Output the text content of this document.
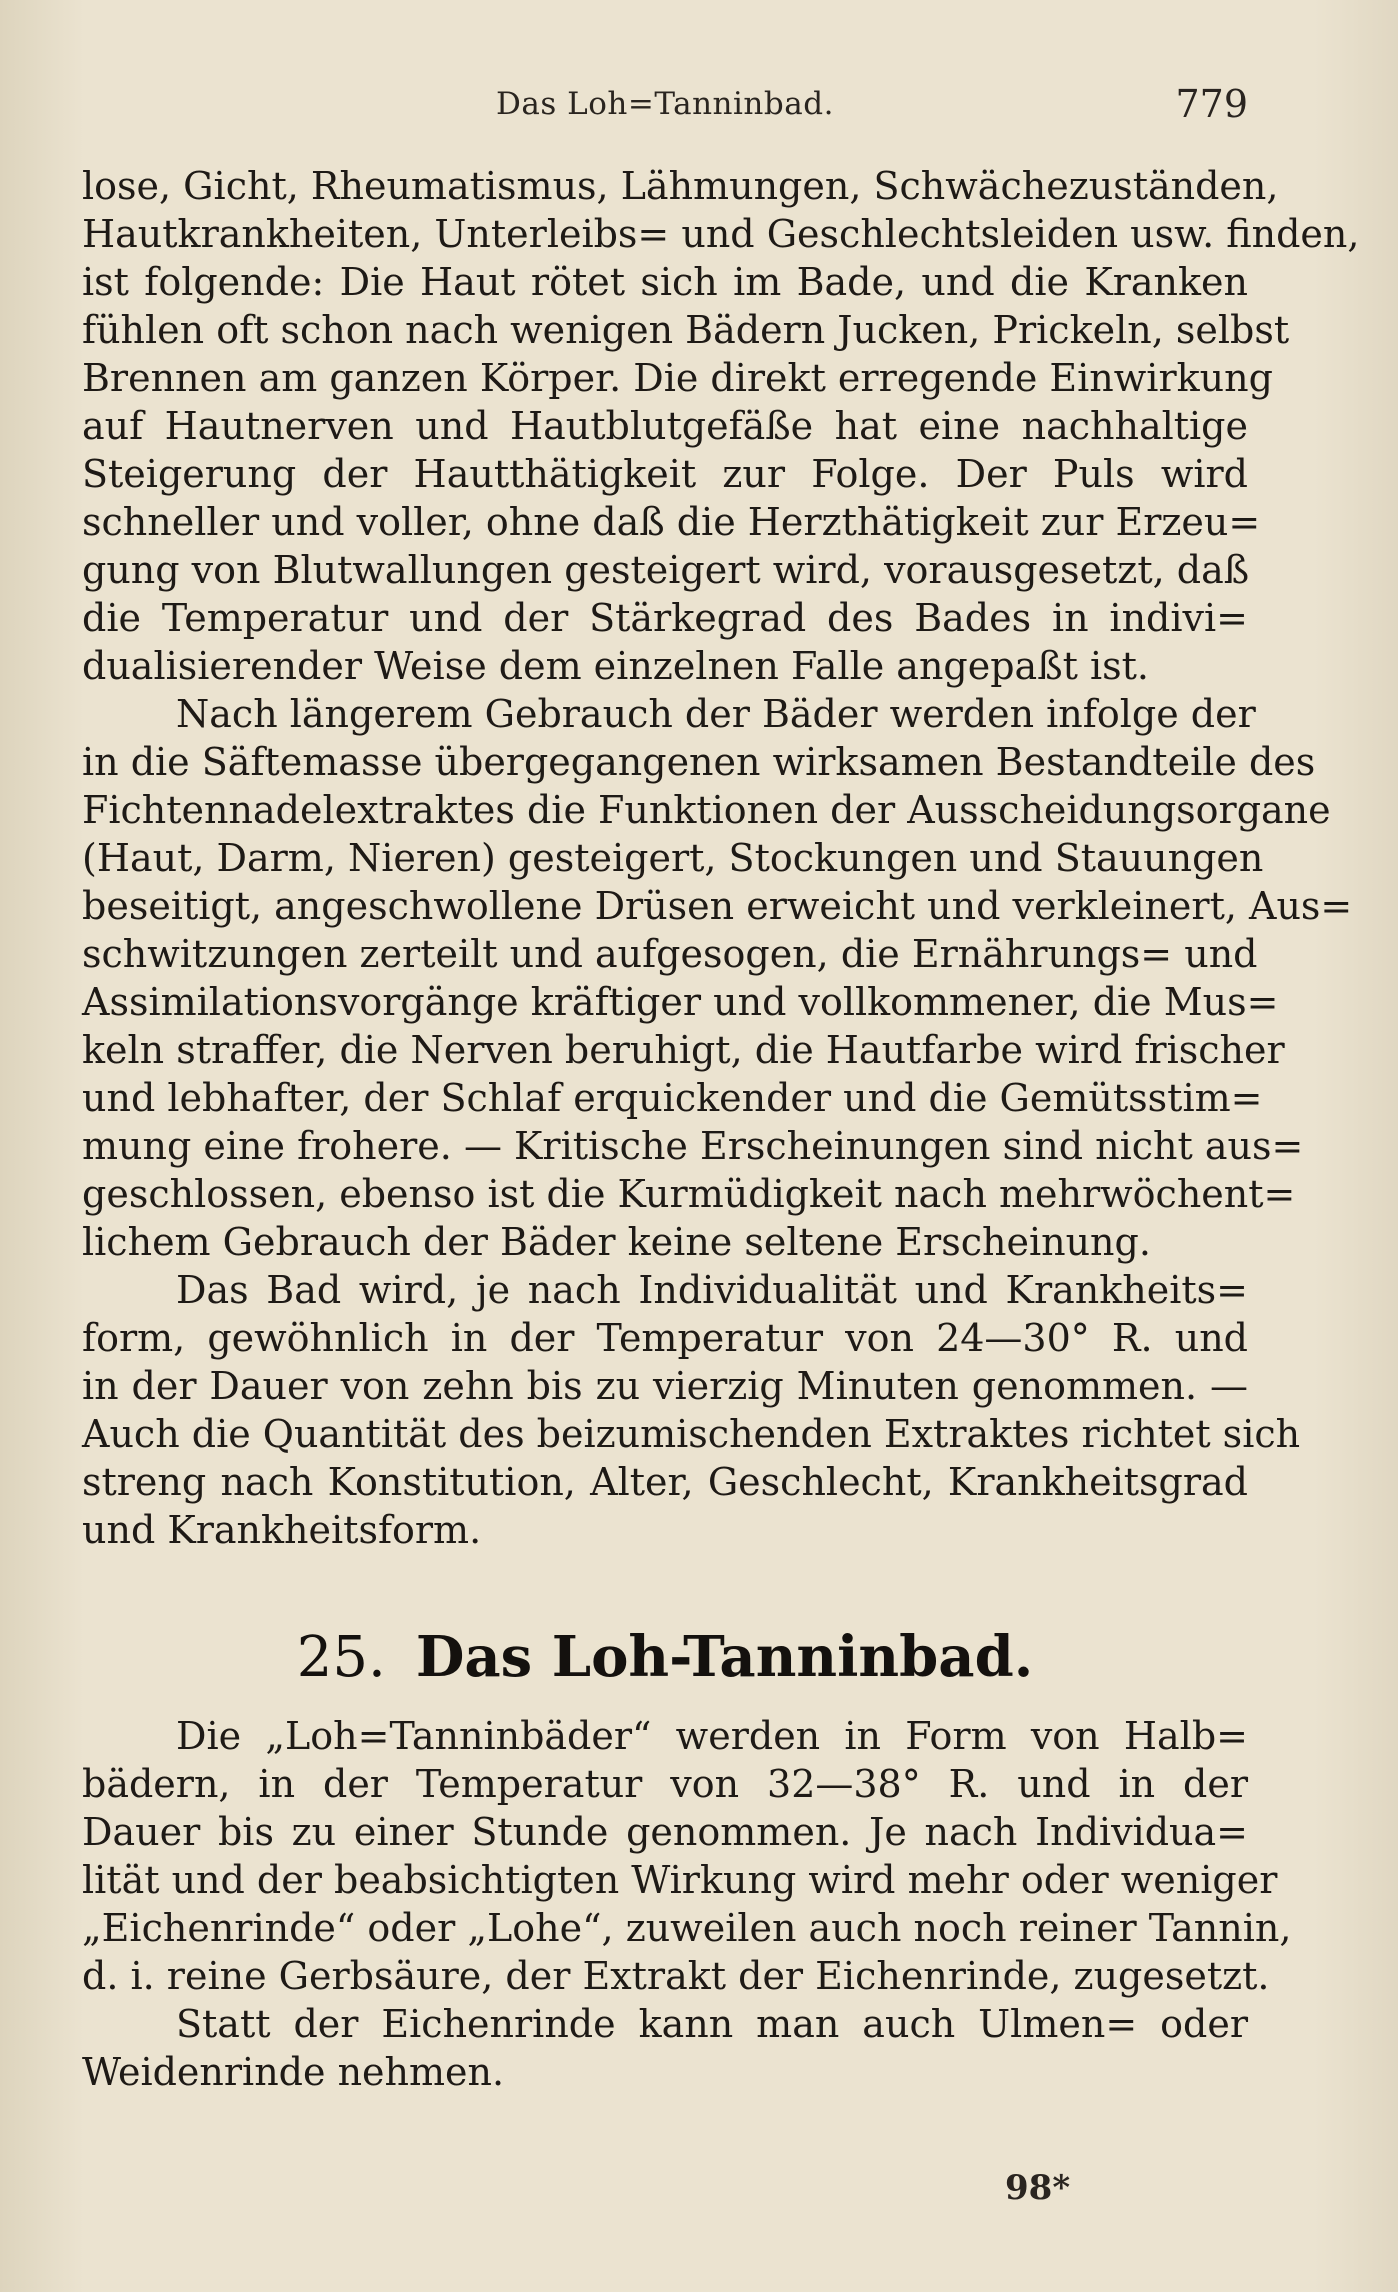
Das Loh=Tanninbad.	779
lose, Gicht, Rheumatismus, Lähmungen, Schwächezuständen,
Hautkrankheiten, Unterleibs= und Geschlechtsleiden usw. finden,
ist folgende: Die Haut rötet sich im Bade, und die Kranken
fühlen oft schon nach wenigen Bädern Jucken, Prickeln, selbst
Brennen am ganzen Körper. Die direkt erregende Einwirkung
auf Hautnerven und Hautblutgefäße hat eine nachhaltige
Steigerung der Hautthätigkeit zur Folge. Der Puls wird
schneller und voller, ohne daß die Herzthätigkeit zur Erzeu=
gung von Blutwallungen gesteigert wird, vorausgesetzt, daß
die Temperatur und der Stärkegrad des Bades in indivi=
dualisierender Weise dem einzelnen Falle angepaßt ist.
Nach längerem Gebrauch der Bäder werden infolge der
in die Säftemasse übergegangenen wirksamen Bestandteile des
Fichtennadelextraktes die Funktionen der Ausscheidungsorgane
(Haut, Darm, Nieren) gesteigert, Stockungen und Stauungen
beseitigt, angeschwollene Drüsen erweicht und verkleinert, Aus=
schwitzungen zerteilt und aufgesogen, die Ernährungs= und
Assimilationsvorgänge kräftiger und vollkommener, die Mus=
keln straffer, die Nerven beruhigt, die Hautfarbe wird frischer
und lebhafter, der Schlaf erquickender und die Gemütsstim=
mung eine frohere. — Kritische Erscheinungen sind nicht aus=
geschlossen, ebenso ist die Kurmüdigkeit nach mehrwöchent=
lichem Gebrauch der Bäder keine seltene Erscheinung.
Das Bad wird, je nach Individualität und Krankheits=
form, gewöhnlich in der Temperatur von 24—30° R. und
in der Dauer von zehn bis zu vierzig Minuten genommen. —
Auch die Quantität des beizumischenden Extraktes richtet sich
streng nach Konstitution, Alter, Geschlecht, Krankheitsgrad
und Krankheitsform.
25. Das Loh-Tanninbad.
Die „Loh=Tanninbäder“ werden in Form von Halb=
bädern, in der Temperatur von 32—38° R. und in der
Dauer bis zu einer Stunde genommen. Je nach Individua=
lität und der beabsichtigten Wirkung wird mehr oder weniger
„Eichenrinde“ oder „Lohe“, zuweilen auch noch reiner Tannin,
d. i. reine Gerbsäure, der Extrakt der Eichenrinde, zugesetzt.
Statt der Eichenrinde kann man auch Ulmen= oder
Weidenrinde nehmen.
98*
